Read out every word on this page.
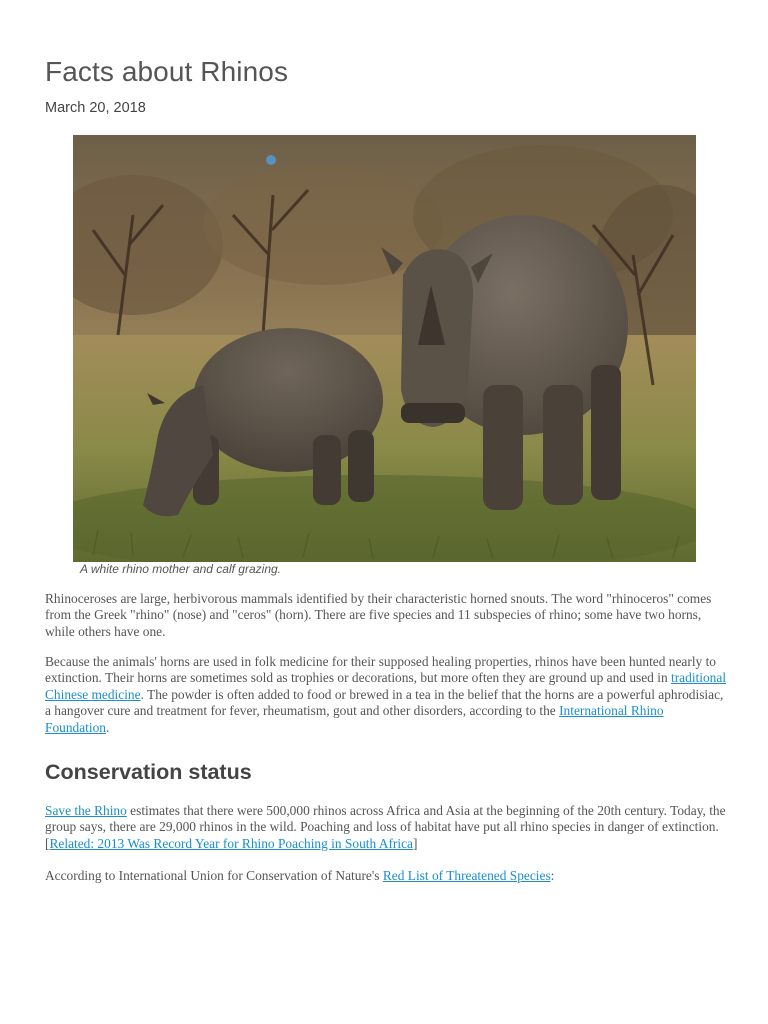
Facts about Rhinos
March 20, 2018
A white rhino mother and calf grazing.

Rhinoceroses are large, herbivorous mammals identified by their characteristic horned snouts. The word "rhinoceros" comes from the Greek "rhino" (nose) and "ceros" (horn). There are five species and 11 subspecies of rhino; some have two horns, while others have one.

Because the animals' horns are used in folk medicine for their supposed healing properties, rhinos have been hunted nearly to extinction. Their horns are sometimes sold as trophies or decorations, but more often they are ground up and used in traditional Chinese medicine. The powder is often added to food or brewed in a tea in the belief that the horns are a powerful aphrodisiac, a hangover cure and treatment for fever, rheumatism, gout and other disorders, according to the International Rhino Foundation.

Conservation status

Save the Rhino estimates that there were 500,000 rhinos across Africa and Asia at the beginning of the 20th century. Today, the group says, there are 29,000 rhinos in the wild. Poaching and loss of habitat have put all rhino species in danger of extinction. [Related: 2013 Was Record Year for Rhino Poaching in South Africa]

According to International Union for Conservation of Nature's Red List of Threatened Species:
